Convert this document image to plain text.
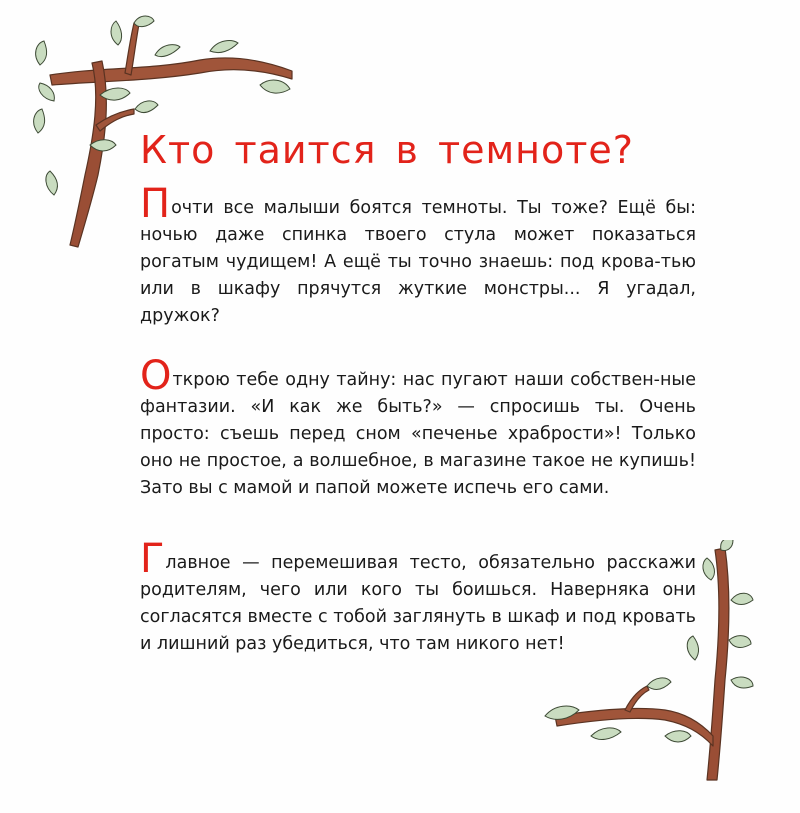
Кто таится в темноте?

Почти все малыши боятся темноты. Ты тоже? Ещё бы: ночью даже спинка твоего стула может показаться рогатым чудищем! А ещё ты точно знаешь: под крова-тью или в шкафу прячутся жуткие монстры... Я угадал, дружок?

Открою тебе одну тайну: нас пугают наши собствен-ные фантазии. «И как же быть?» — спросишь ты. Очень просто: съешь перед сном «печенье храбрости»! Только оно не простое, а волшебное, в магазине такое не купишь! Зато вы с мамой и папой можете испечь его сами.

Главное — перемешивая тесто, обязательно расскажи родителям, чего или кого ты боишься. Наверняка они согласятся вместе с тобой заглянуть в шкаф и под кровать и лишний раз убедиться, что там никого нет!
